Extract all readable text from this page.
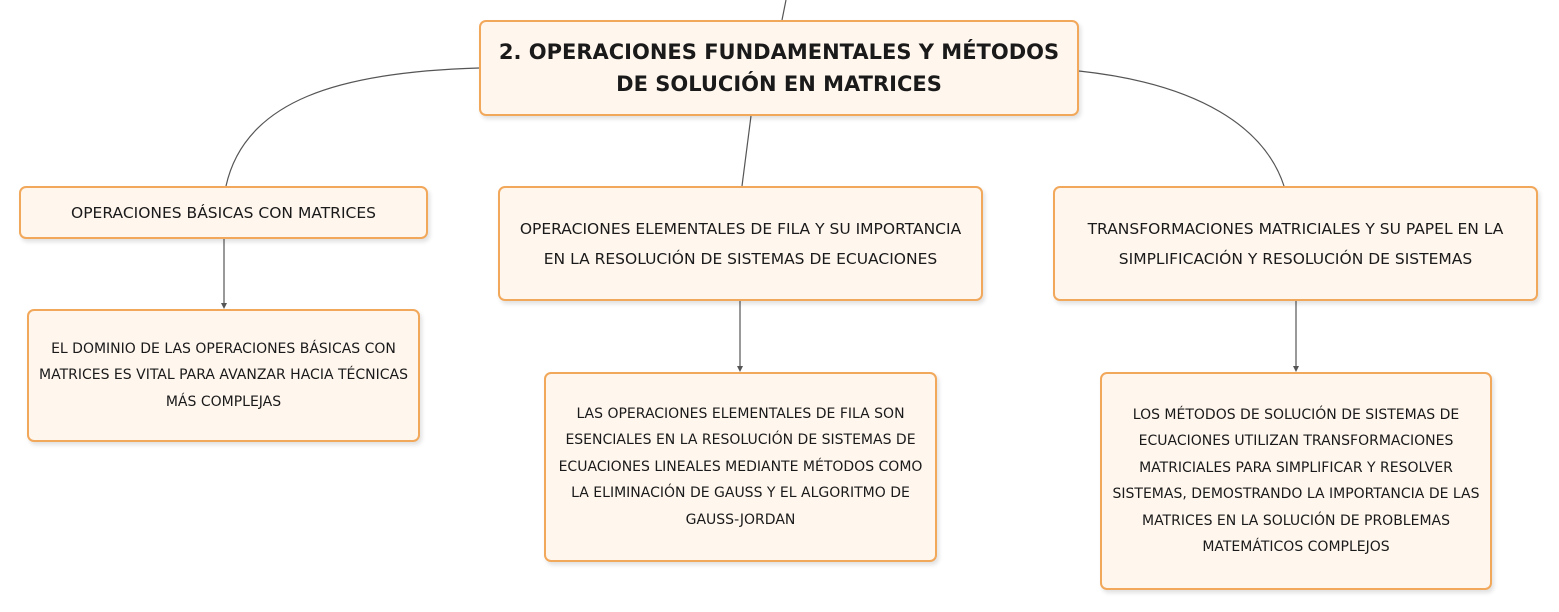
2. OPERACIONES FUNDAMENTALES Y MÉTODOS DE SOLUCIÓN EN MATRICES
OPERACIONES BÁSICAS CON MATRICES
OPERACIONES ELEMENTALES DE FILA Y SU IMPORTANCIA EN LA RESOLUCIÓN DE SISTEMAS DE ECUACIONES
TRANSFORMACIONES MATRICIALES Y SU PAPEL EN LA SIMPLIFICACIÓN Y RESOLUCIÓN DE SISTEMAS
EL DOMINIO DE LAS OPERACIONES BÁSICAS CON MATRICES ES VITAL PARA AVANZAR HACIA TÉCNICAS MÁS COMPLEJAS
LAS OPERACIONES ELEMENTALES DE FILA SON ESENCIALES EN LA RESOLUCIÓN DE SISTEMAS DE ECUACIONES LINEALES MEDIANTE MÉTODOS COMO LA ELIMINACIÓN DE GAUSS Y EL ALGORITMO DE GAUSS-JORDAN
LOS MÉTODOS DE SOLUCIÓN DE SISTEMAS DE ECUACIONES UTILIZAN TRANSFORMACIONES MATRICIALES PARA SIMPLIFICAR Y RESOLVER SISTEMAS, DEMOSTRANDO LA IMPORTANCIA DE LAS MATRICES EN LA SOLUCIÓN DE PROBLEMAS MATEMÁTICOS COMPLEJOS
